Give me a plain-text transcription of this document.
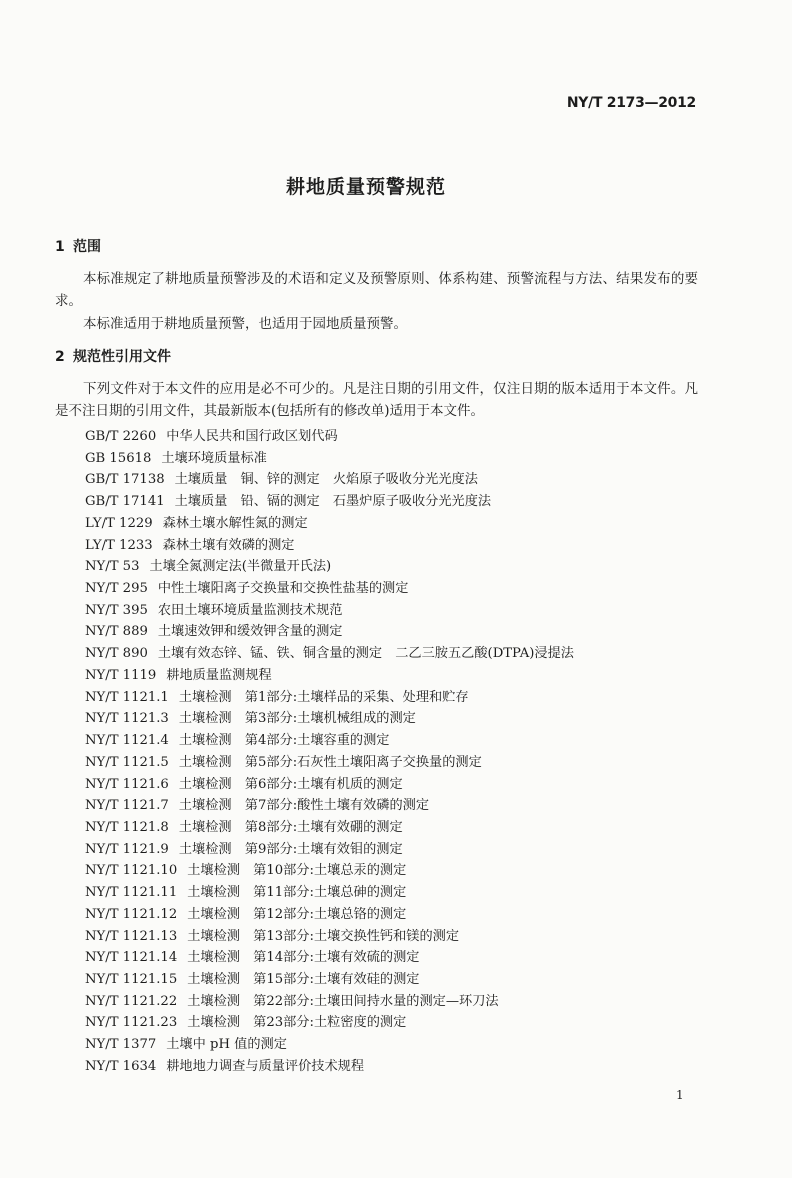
NY/T 2173—2012
耕地质量预警规范
1 范围
本标准规定了耕地质量预警涉及的术语和定义及预警原则、体系构建、预警流程与方法、结果发布的要求。
本标准适用于耕地质量预警，也适用于园地质量预警。
2 规范性引用文件
下列文件对于本文件的应用是必不可少的。凡是注日期的引用文件，仅注日期的版本适用于本文件。凡是不注日期的引用文件，其最新版本(包括所有的修改单)适用于本文件。
GB/T 2260 中华人民共和国行政区划代码
GB 15618 土壤环境质量标准
GB/T 17138 土壤质量　铜、锌的测定　火焰原子吸收分光光度法
GB/T 17141 土壤质量　铅、镉的测定　石墨炉原子吸收分光光度法
LY/T 1229 森林土壤水解性氮的测定
LY/T 1233 森林土壤有效磷的测定
NY/T 53 土壤全氮测定法(半微量开氏法)
NY/T 295 中性土壤阳离子交换量和交换性盐基的测定
NY/T 395 农田土壤环境质量监测技术规范
NY/T 889 土壤速效钾和缓效钾含量的测定
NY/T 890 土壤有效态锌、锰、铁、铜含量的测定　二乙三胺五乙酸(DTPA)浸提法
NY/T 1119 耕地质量监测规程
NY/T 1121.1 土壤检测　第1部分:土壤样品的采集、处理和贮存
NY/T 1121.3 土壤检测　第3部分:土壤机械组成的测定
NY/T 1121.4 土壤检测　第4部分:土壤容重的测定
NY/T 1121.5 土壤检测　第5部分:石灰性土壤阳离子交换量的测定
NY/T 1121.6 土壤检测　第6部分:土壤有机质的测定
NY/T 1121.7 土壤检测　第7部分:酸性土壤有效磷的测定
NY/T 1121.8 土壤检测　第8部分:土壤有效硼的测定
NY/T 1121.9 土壤检测　第9部分:土壤有效钼的测定
NY/T 1121.10 土壤检测　第10部分:土壤总汞的测定
NY/T 1121.11 土壤检测　第11部分:土壤总砷的测定
NY/T 1121.12 土壤检测　第12部分:土壤总铬的测定
NY/T 1121.13 土壤检测　第13部分:土壤交换性钙和镁的测定
NY/T 1121.14 土壤检测　第14部分:土壤有效硫的测定
NY/T 1121.15 土壤检测　第15部分:土壤有效硅的测定
NY/T 1121.22 土壤检测　第22部分:土壤田间持水量的测定—环刀法
NY/T 1121.23 土壤检测　第23部分:土粒密度的测定
NY/T 1377 土壤中 pH 值的测定
NY/T 1634 耕地地力调查与质量评价技术规程
1
